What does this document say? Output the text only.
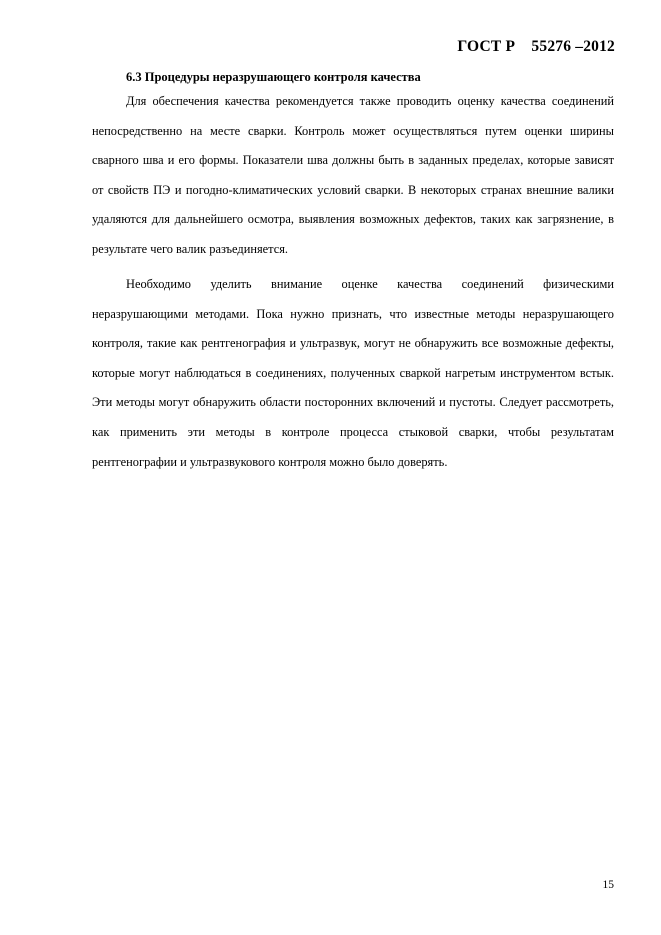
ГОСТ Р    55276 –2012
6.3 Процедуры неразрушающего контроля качества

Для обеспечения качества рекомендуется также проводить оценку качества соединений непосредственно на месте сварки. Контроль может осуществляться путем оценки ширины сварного шва и его формы. Показатели шва должны быть в заданных пределах, которые зависят от свойств ПЭ и погодно-климатических условий сварки. В некоторых странах внешние валики удаляются для дальнейшего осмотра, выявления возможных дефектов, таких как загрязнение, в результате чего валик разъединяется.

Необходимо уделить внимание оценке качества соединений физическими неразрушающими методами. Пока нужно признать, что известные методы неразрушающего контроля, такие как рентгенография и ультразвук, могут не обнаружить все возможные дефекты, которые могут наблюдаться в соединениях, полученных сваркой нагретым инструментом встык. Эти методы могут обнаружить области посторонних включений и пустоты. Следует рассмотреть, как применить эти методы в контроле процесса стыковой сварки, чтобы результатам рентгенографии и ультразвукового контроля можно было доверять.

15
